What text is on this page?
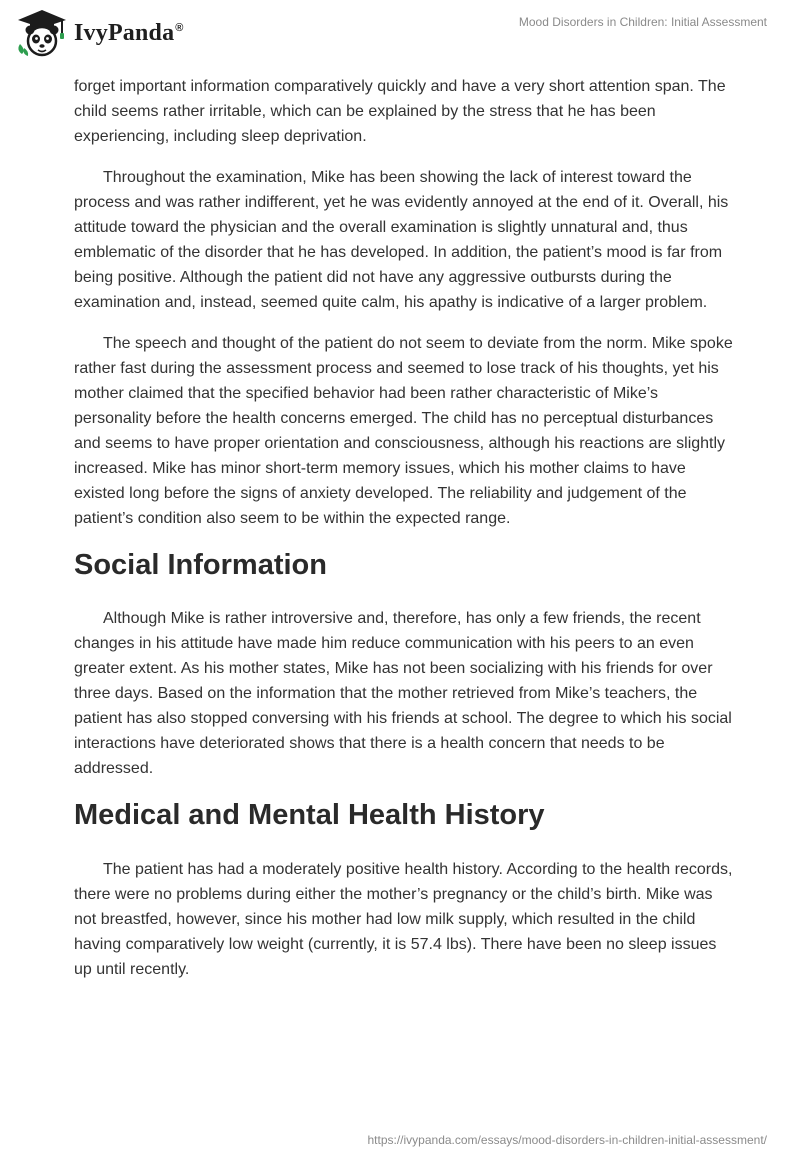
IvyPanda®	Mood Disorders in Children: Initial Assessment

forget important information comparatively quickly and have a very short attention span. The child seems rather irritable, which can be explained by the stress that he has been experiencing, including sleep deprivation.

Throughout the examination, Mike has been showing the lack of interest toward the process and was rather indifferent, yet he was evidently annoyed at the end of it. Overall, his attitude toward the physician and the overall examination is slightly unnatural and, thus emblematic of the disorder that he has developed. In addition, the patient’s mood is far from being positive. Although the patient did not have any aggressive outbursts during the examination and, instead, seemed quite calm, his apathy is indicative of a larger problem.

The speech and thought of the patient do not seem to deviate from the norm. Mike spoke rather fast during the assessment process and seemed to lose track of his thoughts, yet his mother claimed that the specified behavior had been rather characteristic of Mike’s personality before the health concerns emerged. The child has no perceptual disturbances and seems to have proper orientation and consciousness, although his reactions are slightly increased. Mike has minor short-term memory issues, which his mother claims to have existed long before the signs of anxiety developed. The reliability and judgement of the patient’s condition also seem to be within the expected range.

Social Information

Although Mike is rather introversive and, therefore, has only a few friends, the recent changes in his attitude have made him reduce communication with his peers to an even greater extent. As his mother states, Mike has not been socializing with his friends for over three days. Based on the information that the mother retrieved from Mike’s teachers, the patient has also stopped conversing with his friends at school. The degree to which his social interactions have deteriorated shows that there is a health concern that needs to be addressed.

Medical and Mental Health History

The patient has had a moderately positive health history. According to the health records, there were no problems during either the mother’s pregnancy or the child’s birth. Mike was not breastfed, however, since his mother had low milk supply, which resulted in the child having comparatively low weight (currently, it is 57.4 lbs). There have been no sleep issues up until recently.

https://ivypanda.com/essays/mood-disorders-in-children-initial-assessment/
